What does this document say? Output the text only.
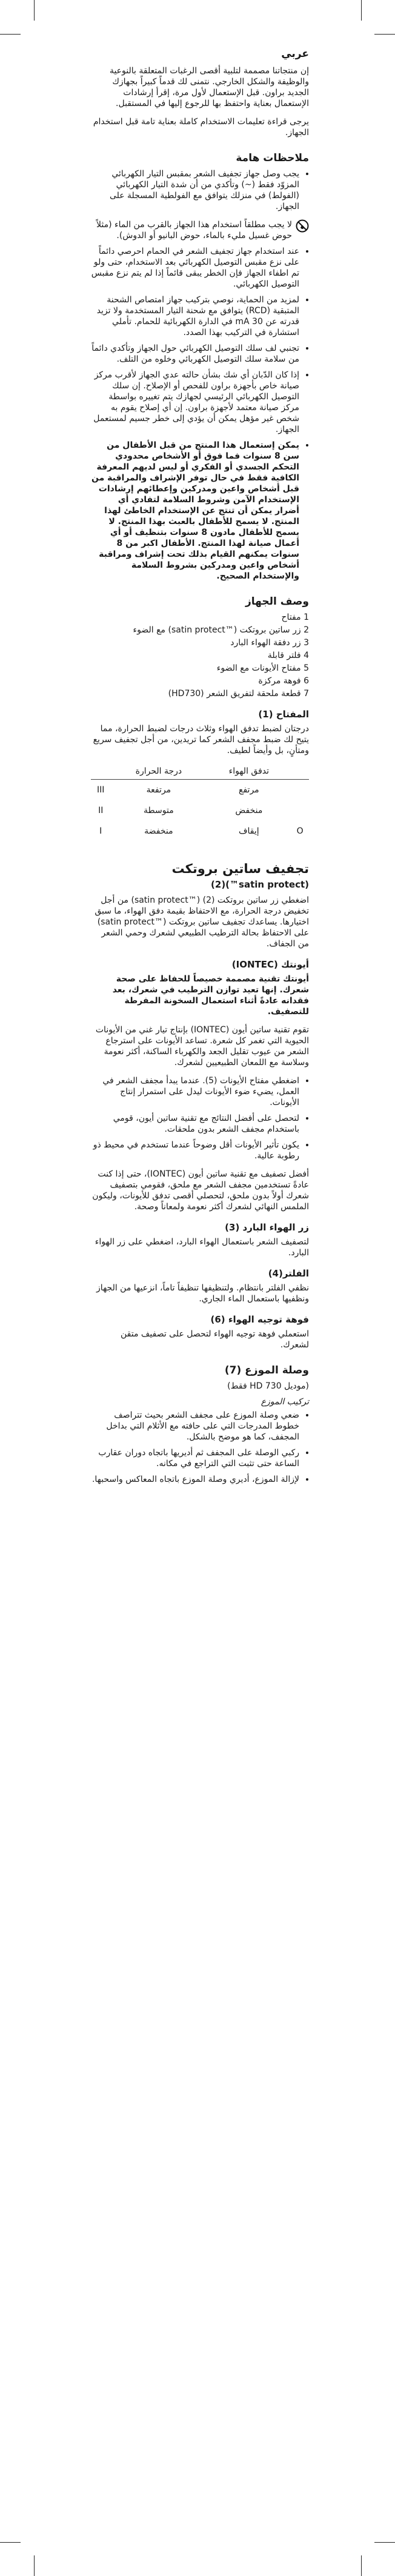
عربي

إن منتجاتنا مصممة لتلبية أقصى الرغبات المتعلقة بالنوعية والوظيفة والشكل الخارجي. نتمنى لك قدماً كبيراً بجهازك الجديد براون. قبل الإستعمال لأول مرة، إقرأ إرشادات الإستعمال بعناية واحتفظ بها للرجوع إليها في المستقبل.

يرجى قراءة تعليمات الاستخدام كاملة بعناية تامة قبل استخدام الجهاز.

ملاحظات هامة
• يجب وصل جهاز تجفيف الشعر بمقبس التيار الكهربائي المزوّد فقط (~) وتأكدي من أن شدة التيار الكهربائي (الفولط) في منزلك يتوافق مع الفولطية المسجلة على الجهاز.
لا يجب مطلقاً استخدام هذا الجهاز بالقرب من الماء (مثلاً حوض غسيل مليء بالماء، حوض البانيو أو الدوش).
• عند استخدام جهاز تجفيف الشعر في الحمام احرصي دائماً على نزع مقبس التوصيل الكهربائي بعد الاستخدام، حتى ولو تم اطفاء الجهاز فإن الخطر يبقى قائماً إذا لم يتم نزع مقبس التوصيل الكهربائي.
• لمزيد من الحماية، نوصي بتركيب جهاز امتصاص الشحنة المتبقية (RCD) يتوافق مع شحنة التيار المستخدمة ولا تزيد قدرته عن 30 mA في الدارة الكهربائية للحمام. تأملي استشارة في التركيب بهذا الصدد.
• تجنبي لف سلك التوصيل الكهربائي حول الجهاز وتأكدي دائماً من سلامة سلك التوصيل الكهربائي وخلوه من التلف.
• إذا كان الدّبان أي شك بشأن حالته عدي الجهاز لأقرب مركز صيانة خاص بأجهزة براون للفحص أو الإصلاح. إن سلك التوصيل الكهربائي الرئيسي لجهازك يتم تغييره بواسطة مركز صيانة معتمد لأجهزة براون. إن أي إصلاح يقوم به شخص غير مؤهل يمكن أن يؤدي إلى خطر جسيم لمستعمل الجهاز.
• يمكن إستعمال هذا المنتج من قبل الأطفال من سن 8 سنوات فما فوق أو الأشخاص محدودي التحكم الجسدي أو الفكري أو ليس لديهم المعرفة الكافية فقط في حال توفر الإشراف والمراقبة من قبل أشخاص واعين ومدركين وإعطائهم إرشادات الإستخدام الآمن وشروط السلامة لتفادي أي أضرار يمكن أن تنتج عن الإستخدام الخاطئ لهذا المنتج. لا يسمح للأطفال بالعبث بهذا المنتج. لا يسمح للأطفال مادون 8 سنوات بتنظيف أو أي أعمال صيانة لهذا المنتج. الأطفال اكبر من 8 سنوات يمكنهم القيام بذلك تحت إشراف ومراقبة أشخاص واعين ومدركين بشروط السلامة والإستخدام الصحيح.
وصف الجهاز
1 مفتاح
2 زر ساتين بروتكت (™satin protect) مع الضوء
3 زر دفقة الهواء البارد
4 فلتر قابلة
5 مفتاح الأيونات مع الضوء
6 فوهة مركزة
7 قطعة ملحقة لتفريق الشعر (HD730)
المفتاح (1)

درجتان لضبط تدفق الهواء وثلاث درجات لضبط الحرارة، مما يتيح لك ضبط مجفف الشعر كما تريدين، من أجل تجفيف سريع ومتأنٍ، بل وأيضاً لطيف.

	تدفق الهواء	درجة الحرارة	
	مرتفع	مرتفعة	III
	منخفض	متوسطة	II
O	إيقاف	منخفضة	I
تجفيف ساتين بروتكت
(satin protect™)(2)

اضغطي زر ساتين بروتكت (2) (™satin protect) من أجل تخفيض درجة الحرارة، مع الاحتفاظ بقيمة دفق الهواء، ما سبق اختيارها. يساعدك تجفيف ساتين بروتكت (™satin protect) على الاحتفاظ بحالة الترطيب الطبيعي لشعرك وحمي الشعر من الجفاف.

أيونتك (IONTEC)

أيونتك تقنية مصممة خصيصاً للحفاظ على صحة شعرك. إنها تعيد توازن الترطيب في شعرك، بعد فقدانه عادةً أثناء استعمال السخونة المفرطة للتصفيف.

تقوم تقنية ساتين أيون (IONTEC) بإنتاج تيار غني من الأيونات الحيوية التي تغمر كل شعرة. تساعد الأيونات على استرجاع الشعر من عيوب تقليل الجعد والكهرباء الساكنة، أكثر نعومة وسلاسة مع اللمعان الطبيعيين لشعرك.

• اضغطي مفتاح الأيونات (5). عندما يبدأ مجفف الشعر في العمل، يضيء ضوء الأيونات ليدل على استمرار إنتاج الأيونات.
• لتحصل على أفضل النتائج مع تقنية ساتين أيون، قومي باستخدام مجفف الشعر بدون ملحقات.
• يكون تأثير الأيونات أقل وضوحاً عندما تستخدم في محيط ذو رطوبة عالية.

أفضل تصفيف مع تقنية ساتين أيون (IONTEC)، حتى إذا كنت عادةً تستخدمين مجفف الشعر مع ملحق، فقومي بتصفيف شعرك أولاً بدون ملحق، لتحصلي أقصى تدفق للأيونات، وليكون الملمس النهائي لشعرك أكثر نعومة ولمعاناً وصحة.

زر الهواء البارد (3)

لتصفيف الشعر باستعمال الهواء البارد، اضغطي على زر الهواء البارد.

الفلتر(4)

نظفي الفلتر بانتظام. ولتنظيفها تنظيفاً تاماً، انزعيها من الجهاز ونظفيها باستعمال الماء الجاري.

فوهة توجيه الهواء (6)

استعملي فوهة توجيه الهواء لتحصل على تصفيف متقن لشعرك.

وصلة الموزع (7)
(موديل HD 730 فقط)
تركيب الموزع
• ضعي وصلة الموزع على مجفف الشعر بحيث تتراصف خطوط المدرجات التي على حافته مع الأثلام التي بداخل المجفف، كما هو موضح بالشكل.
• ركبي الوصلة على المجفف ثم أديريها باتجاه دوران عقارب الساعة حتى تثبت التي التراجع في مكانه.
• لإزالة الموزع، أديري وصلة الموزع باتجاه المعاكس واسحبها.
